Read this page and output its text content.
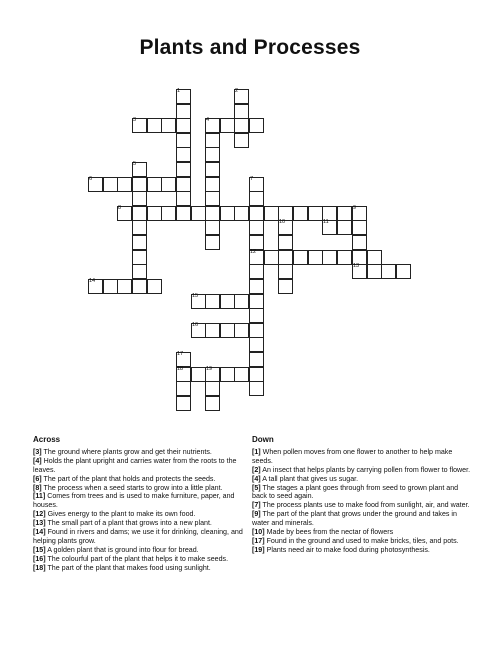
Plants and Processes
1	2
3	4
5
6	7
8	9
10	11
12
13
14
15
16
17
18	19
Across

[3] The ground where plants grow and get their nutrients.

[4] Holds the plant upright and carries water from the roots to the leaves.

[6] The part of the plant that holds and protects the seeds.

[8] The process when a seed starts to grow into a little plant.

[11] Comes from trees and is used to make furniture, paper, and houses.

[12] Gives energy to the plant to make its own food.

[13] The small part of a plant that grows into a new plant.

[14] Found in rivers and dams; we use it for drinking, cleaning, and helping plants grow.

[15] A golden plant that is ground into flour for bread.

[16] The colourful part of the plant that helps it to make seeds.

[18] The part of the plant that makes food using sunlight.

Down

[1] When pollen moves from one flower to another to help make seeds.

[2] An insect that helps plants by carrying pollen from flower to flower.

[4] A tall plant that gives us sugar.

[5] The stages a plant goes through from seed to grown plant and back to seed again.

[7] The process plants use to make food from sunlight, air, and water.

[9] The part of the plant that grows under the ground and takes in water and minerals.

[10] Made by bees from the nectar of flowers

[17] Found in the ground and used to make bricks, tiles, and pots.

[19] Plants need air to make food during photosynthesis.
